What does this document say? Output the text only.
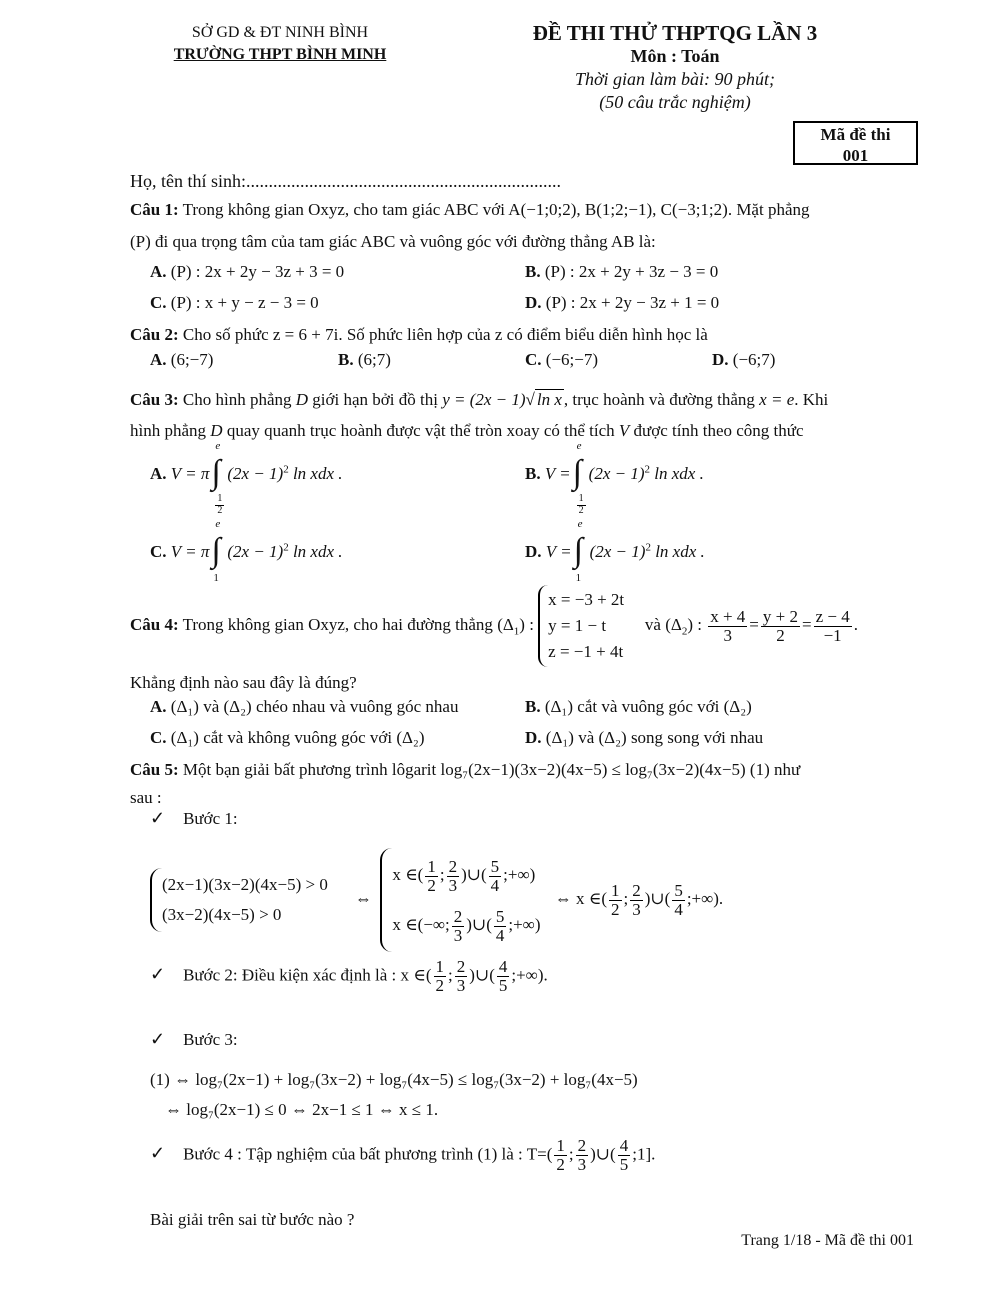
SỞ GD & ĐT NINH BÌNH
TRƯỜNG THPT BÌNH MINH
ĐỀ THI THỬ THPTQG LẦN 3
Môn : Toán
Thời gian làm bài: 90 phút;
(50 câu trắc nghiệm)
Mã đề thi
001
Họ, tên thí sinh:......................................................................
Câu 1: Trong không gian Oxyz, cho tam giác ABC với A(−1;0;2), B(1;2;−1), C(−3;1;2). Mặt phẳng
(P) đi qua trọng tâm của tam giác ABC và vuông góc với đường thẳng AB là:
A. (P) : 2x + 2y − 3z + 3 = 0	B. (P) : 2x + 2y + 3z − 3 = 0
C. (P) : x + y − z − 3 = 0	D. (P) : 2x + 2y − 3z + 1 = 0
Câu 2: Cho số phức z = 6 + 7i. Số phức liên hợp của z có điểm biểu diễn hình học là
A. (6;−7)	B. (6;7)	C. (−6;−7)	D. (−6;7)
Câu 3: Cho hình phẳng D giới hạn bởi đồ thị y = (2x − 1)√ ln x , trục hoành và đường thẳng x = e. Khi
hình phẳng D quay quanh trục hoành được vật thể tròn xoay có thể tích V được tính theo công thức
A. V = π
e
∫
$\frac{1}{2}$
$(2x - 1)^2$ ln xdx .	B. V =
e
∫
$\frac{1}{2}$
$(2x - 1)^2$ ln xdx .
C. V = π
e
∫
1
$(2x - 1)^2$ ln xdx .	D. V =
e
∫
1
$(2x - 1)^2$ ln xdx .
Câu 4: Trong không gian Oxyz, cho hai đường thẳng $(\Delta_1)$ :
x = −3 + 2t
y = 1 − t
z = −1 + 4t
và $(\Delta_2)$ : $\frac{x + 4}{3} = \frac{y + 2}{2} = \frac{z - 4}{-1}$ .
Khẳng định nào sau đây là đúng?
A. (Δ₁) và (Δ₂) chéo nhau và vuông góc nhau	B. (Δ₁) cắt và vuông góc với (Δ₂)
C. (Δ₁) cắt và không vuông góc với (Δ₂)	D. (Δ₁) và (Δ₂) song song với nhau
Câu 5: Một bạn giải bất phương trình lôgarit log₇(2x−1)(3x−2)(4x−5) ≤ log₇(3x−2)(4x−5) (1) như
sau :
✓ Bước 1:
(2x−1)(3x−2)(4x−5) > 0
(3x−2)(4x−5) > 0
⇔
x ∈( $\frac{1}{2}$ ; $\frac{2}{3}$ )∪( $\frac{5}{4}$ ;+∞)
x ∈(−∞; $\frac{2}{3}$ )∪( $\frac{5}{4}$ ;+∞)
⇔ x ∈( $\frac{1}{2}$ ; $\frac{2}{3}$ )∪( $\frac{5}{4}$ ;+∞).
✓ Bước 2: Điều kiện xác định là : x ∈( $\frac{1}{2}$ ; $\frac{2}{3}$ )∪( $\frac{4}{5}$ ;+∞).
✓ Bước 3:
(1) ⇔ log₇(2x−1) + log₇(3x−2) + log₇(4x−5) ≤ log₇(3x−2) + log₇(4x−5)
⇔ log₇(2x−1) ≤ 0 ⇔ 2x−1 ≤ 1 ⇔ x ≤ 1.
✓ Bước 4 : Tập nghiệm của bất phương trình (1) là : $T=( \frac{1}{2}$ ; $\frac{2}{3}$ )∪( $\frac{4}{5}$ ;1].
Bài giải trên sai từ bước nào ?
Trang 1/18 - Mã đề thi 001
